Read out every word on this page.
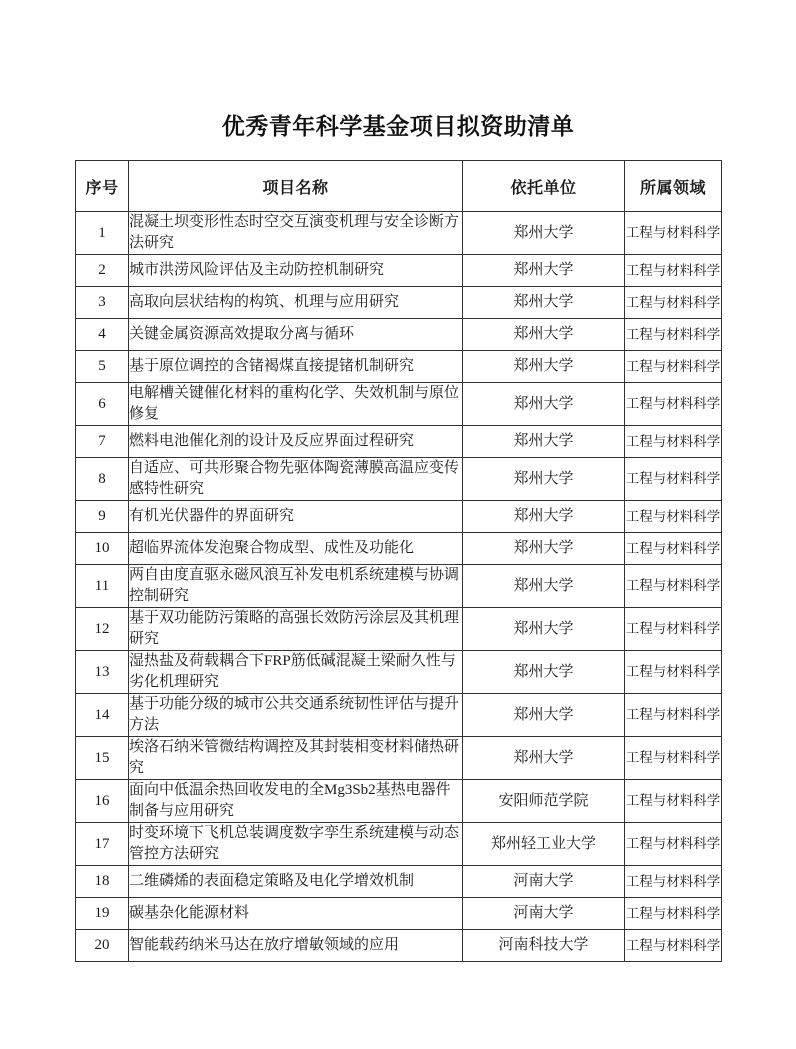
优秀青年科学基金项目拟资助清单
序号	项目名称	依托单位	所属领域
1	混凝土坝变形性态时空交互演变机理与安全诊断方法研究	郑州大学	工程与材料科学
2	城市洪涝风险评估及主动防控机制研究	郑州大学	工程与材料科学
3	高取向层状结构的构筑、机理与应用研究	郑州大学	工程与材料科学
4	关键金属资源高效提取分离与循环	郑州大学	工程与材料科学
5	基于原位调控的含锗褐煤直接提锗机制研究	郑州大学	工程与材料科学
6	电解槽关键催化材料的重构化学、失效机制与原位修复	郑州大学	工程与材料科学
7	燃料电池催化剂的设计及反应界面过程研究	郑州大学	工程与材料科学
8	自适应、可共形聚合物先驱体陶瓷薄膜高温应变传感特性研究	郑州大学	工程与材料科学
9	有机光伏器件的界面研究	郑州大学	工程与材料科学
10	超临界流体发泡聚合物成型、成性及功能化	郑州大学	工程与材料科学
11	两自由度直驱永磁风浪互补发电机系统建模与协调控制研究	郑州大学	工程与材料科学
12	基于双功能防污策略的高强长效防污涂层及其机理研究	郑州大学	工程与材料科学
13	湿热盐及荷载耦合下FRP筋低碱混凝土梁耐久性与劣化机理研究	郑州大学	工程与材料科学
14	基于功能分级的城市公共交通系统韧性评估与提升方法	郑州大学	工程与材料科学
15	埃洛石纳米管微结构调控及其封装相变材料储热研究	郑州大学	工程与材料科学
16	面向中低温余热回收发电的全Mg3Sb2基热电器件制备与应用研究	安阳师范学院	工程与材料科学
17	时变环境下飞机总装调度数字孪生系统建模与动态管控方法研究	郑州轻工业大学	工程与材料科学
18	二维磷烯的表面稳定策略及电化学增效机制	河南大学	工程与材料科学
19	碳基杂化能源材料	河南大学	工程与材料科学
20	智能载药纳米马达在放疗增敏领域的应用	河南科技大学	工程与材料科学
